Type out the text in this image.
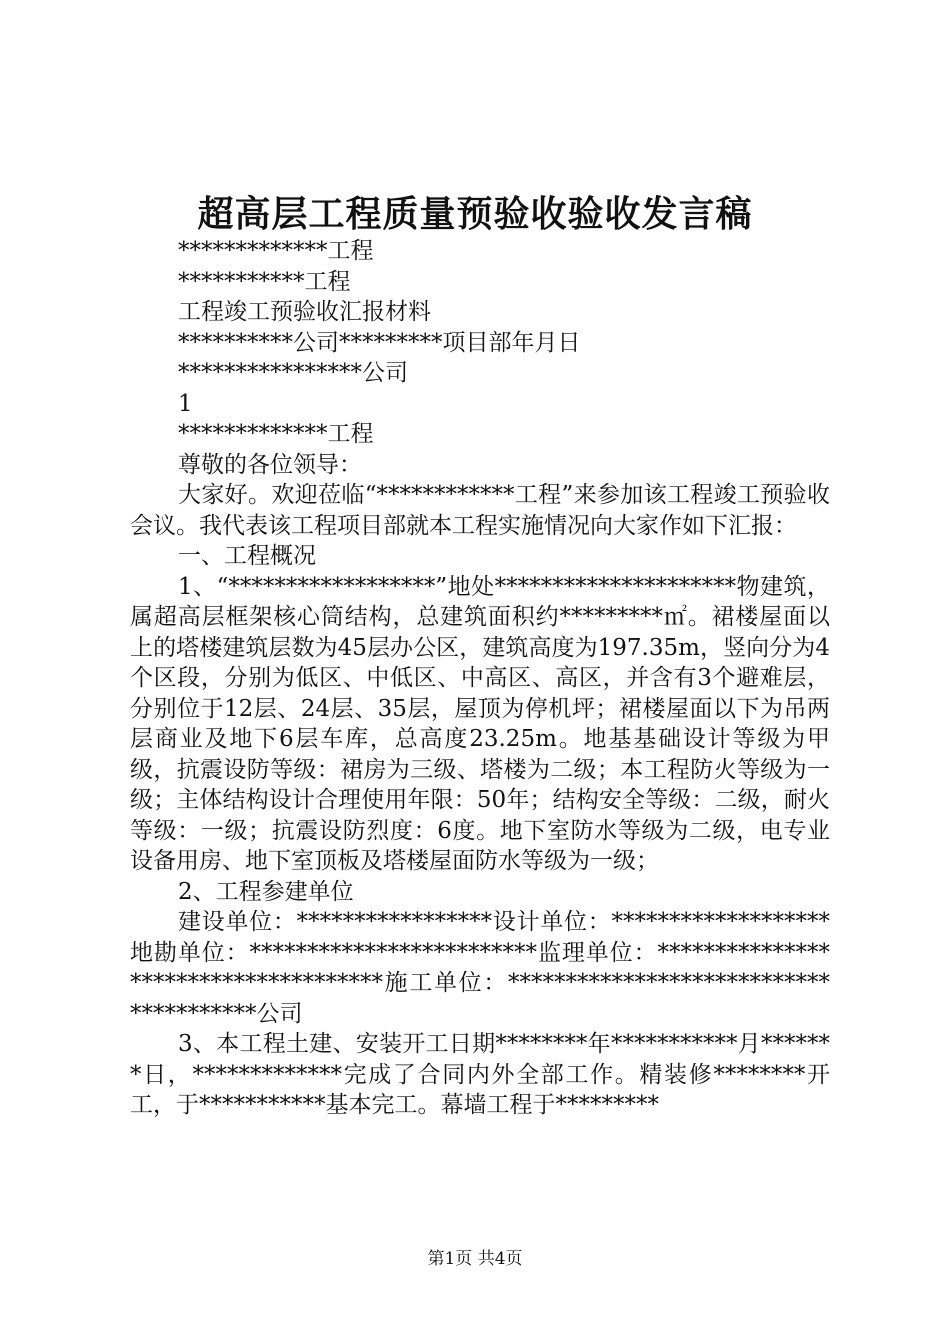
超高层工程质量预验收验收发言稿
*************工程
***********工程
工程竣工预验收汇报材料
**********公司*********项目部年月日
****************公司
1
*************工程
尊敬的各位领导：

大家好。欢迎莅临“************工程”来参加该工程竣工预验收会议。我代表该工程项目部就本工程实施情况向大家作如下汇报：

一、工程概况

1、“******************”地处*********************物建筑，属超高层框架核心筒结构，总建筑面积约*********㎡。裙楼屋面以上的塔楼建筑层数为45层办公区，建筑高度为197.35m，竖向分为4个区段，分别为低区、中低区、中高区、高区，并含有3个避难层，分别位于12层、24层、35层，屋顶为停机坪；裙楼屋面以下为吊两层商业及地下6层车库，总高度23.25m。地基基础设计等级为甲级，抗震设防等级：裙房为三级、塔楼为二级；本工程防火等级为一级；主体结构设计合理使用年限：50年；结构安全等级：二级，耐火等级：一级；抗震设防烈度：6度。地下室防水等级为二级，电专业设备用房、地下室顶板及塔楼屋面防水等级为一级；

2、工程参建单位

建设单位：*****************设计单位：*******************地勘单位：*************************监理单位：*************************************施工单位：***************************************公司

3、本工程土建、安装开工日期********年***********月*******日，*************完成了合同内外全部工作。精装修********开工，于***********基本完工。幕墙工程于*********

第1页 共4页
